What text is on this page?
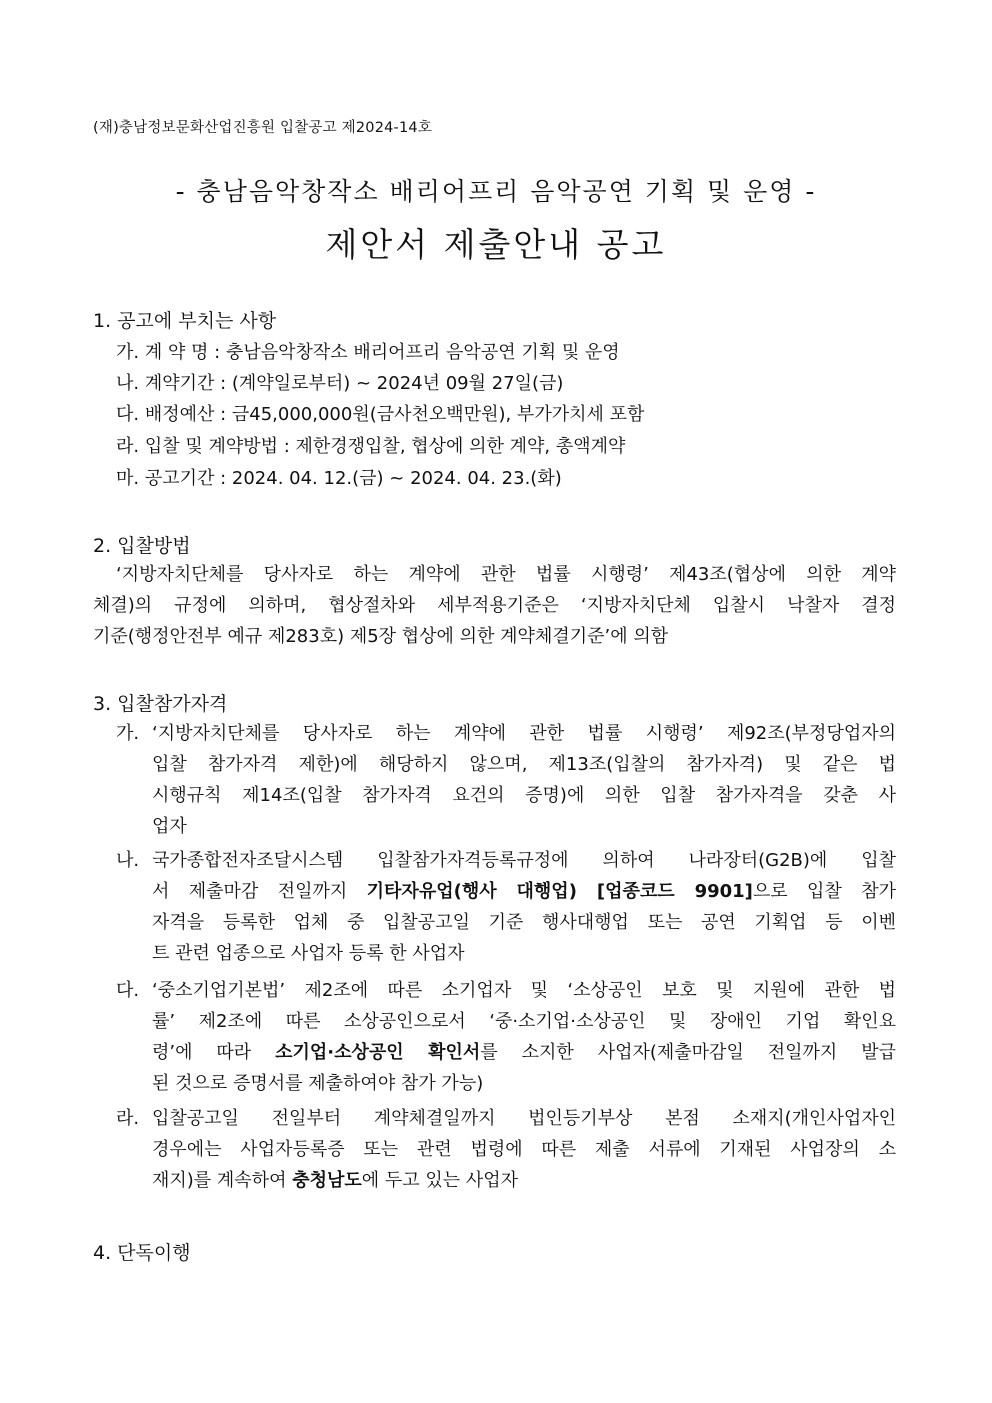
(재)충남정보문화산업진흥원 입찰공고 제2024-14호
- 충남음악창작소 배리어프리 음악공연 기획 및 운영 -
제안서 제출안내 공고
1. 공고에 부치는 사항
가. 계 약 명 : 충남음악창작소 배리어프리 음악공연 기획 및 운영
나. 계약기간 : (계약일로부터) ~ 2024년 09월 27일(금)
다. 배정예산 : 금45,000,000원(금사천오백만원), 부가가치세 포함
라. 입찰 및 계약방법 : 제한경쟁입찰, 협상에 의한 계약, 총액계약
마. 공고기간 : 2024. 04. 12.(금) ~ 2024. 04. 23.(화)
2. 입찰방법
‘지방자치단체를 당사자로 하는 계약에 관한 법률 시행령’ 제43조(협상에 의한 계약
체결)의 규정에 의하며, 협상절차와 세부적용기준은 ‘지방자치단체 입찰시 낙찰자 결정
기준(행정안전부 예규 제283호) 제5장 협상에 의한 계약체결기준’에 의함
3. 입찰참가자격
가. ‘지방자치단체를 당사자로 하는 계약에 관한 법률 시행령’ 제92조(부정당업자의
입찰 참가자격 제한)에 해당하지 않으며, 제13조(입찰의 참가자격) 및 같은 법
시행규칙 제14조(입찰 참가자격 요건의 증명)에 의한 입찰 참가자격을 갖춘 사
업자
나. 국가종합전자조달시스템 입찰참가자격등록규정에 의하여 나라장터(G2B)에 입찰
서 제출마감 전일까지 기타자유업(행사 대행업) [업종코드 9901]으로 입찰 참가
자격을 등록한 업체 중 입찰공고일 기준 행사대행업 또는 공연 기획업 등 이벤
트 관련 업종으로 사업자 등록 한 사업자
다. ‘중소기업기본법’ 제2조에 따른 소기업자 및 ‘소상공인 보호 및 지원에 관한 법
률’ 제2조에 따른 소상공인으로서 ‘중·소기업·소상공인 및 장애인 기업 확인요
령’에 따라 소기업·소상공인 확인서를 소지한 사업자(제출마감일 전일까지 발급
된 것으로 증명서를 제출하여야 참가 가능)
라. 입찰공고일 전일부터 계약체결일까지 법인등기부상 본점 소재지(개인사업자인
경우에는 사업자등록증 또는 관련 법령에 따른 제출 서류에 기재된 사업장의 소
재지)를 계속하여 충청남도에 두고 있는 사업자
4. 단독이행
